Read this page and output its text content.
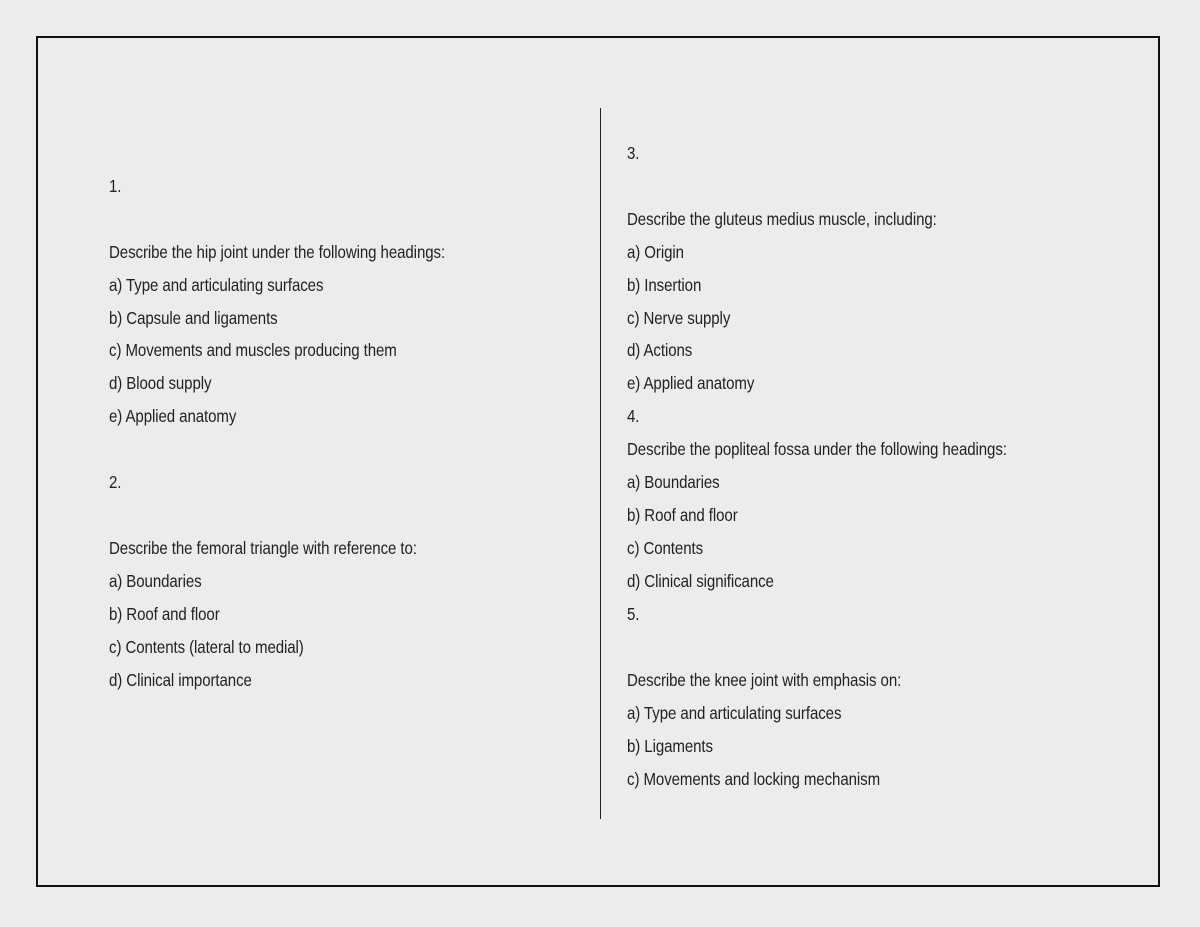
1.
Describe the hip joint under the following headings:
a) Type and articulating surfaces
b) Capsule and ligaments
c) Movements and muscles producing them
d) Blood supply
e) Applied anatomy
2.
Describe the femoral triangle with reference to:
a) Boundaries
b) Roof and floor
c) Contents (lateral to medial)
d) Clinical importance
3.
Describe the gluteus medius muscle, including:
a) Origin
b) Insertion
c) Nerve supply
d) Actions
e) Applied anatomy
4.
Describe the popliteal fossa under the following headings:
a) Boundaries
b) Roof and floor
c) Contents
d) Clinical significance
5.
Describe the knee joint with emphasis on:
a) Type and articulating surfaces
b) Ligaments
c) Movements and locking mechanism
